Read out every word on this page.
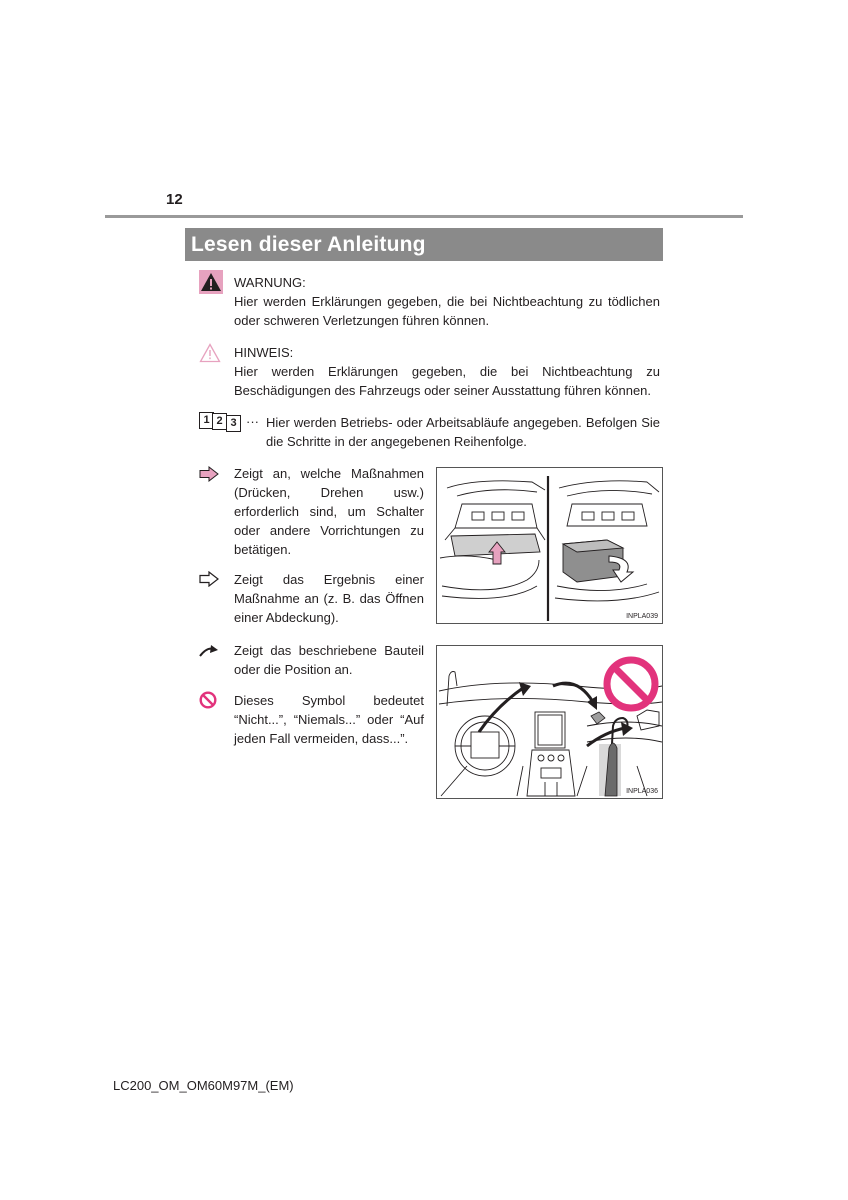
12
Lesen dieser Anleitung
WARNUNG:
Hier werden Erklärungen gegeben, die bei Nichtbeachtung zu tödlichen oder schweren Verletzungen führen können.
HINWEIS:
Hier werden Erklärungen gegeben, die bei Nichtbeachtung zu Beschädigungen des Fahrzeugs oder seiner Ausstattung führen können.
1 2 3 ··· Hier werden Betriebs- oder Arbeitsabläufe angegeben. Befolgen Sie die Schritte in der angegebenen Reihenfolge.
Zeigt an, welche Maßnahmen (Drücken, Drehen usw.) erforderlich sind, um Schalter oder andere Vorrichtungen zu betätigen.
Zeigt das Ergebnis einer Maßnahme an (z. B. das Öffnen einer Abdeckung).
Zeigt das beschriebene Bauteil oder die Position an.
Dieses Symbol bedeutet “Nicht...”, “Niemals...” oder “Auf jeden Fall vermeiden, dass...”.
INPLA039
INPLA036
LC200_OM_OM60M97M_(EM)
